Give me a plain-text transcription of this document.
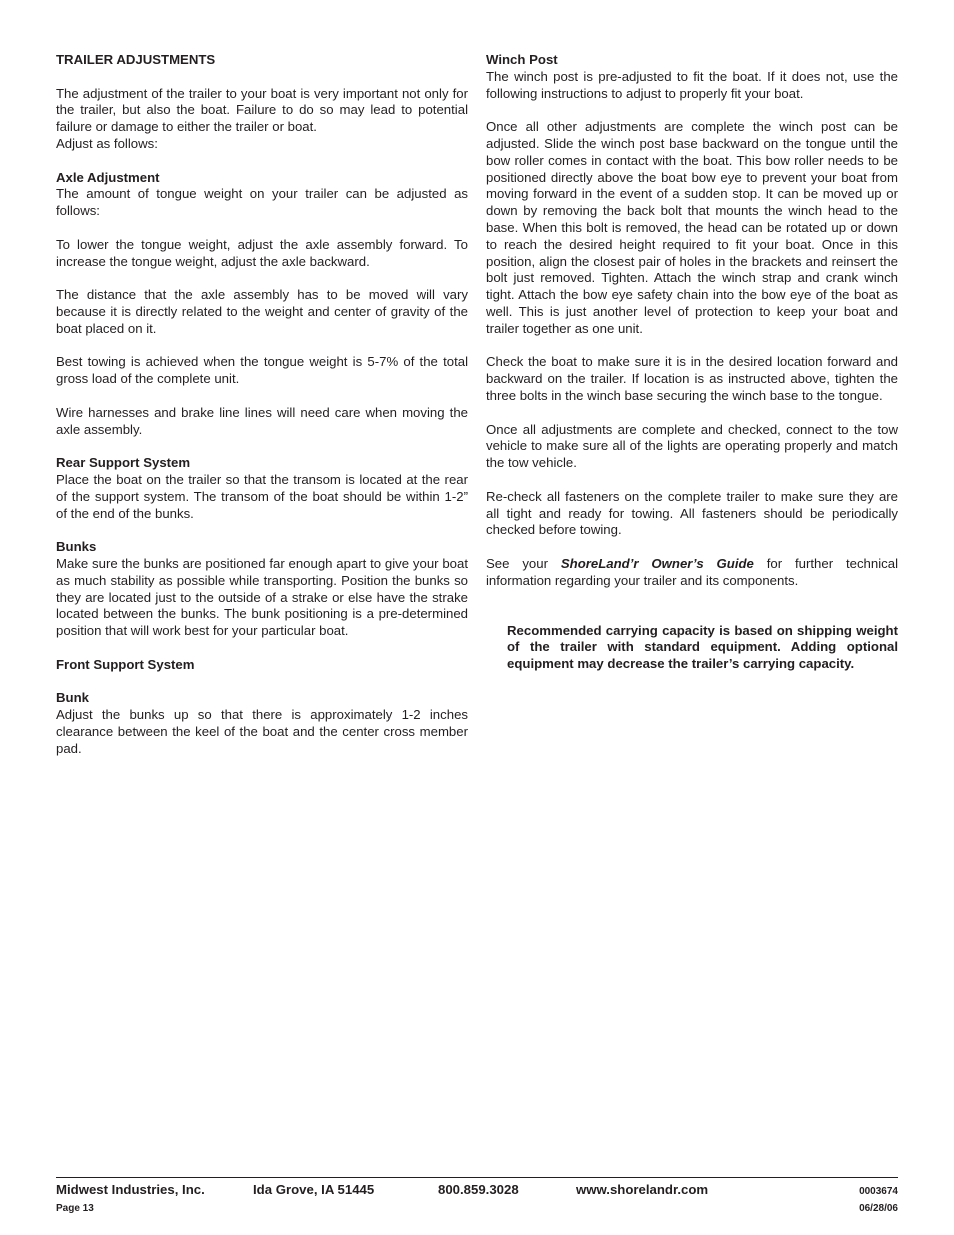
TRAILER ADJUSTMENTS

The adjustment of the trailer to your boat is very important not only for the trailer, but also the boat. Failure to do so may lead to potential failure or damage to either the trailer or boat.

Adjust as follows:

Axle Adjustment

The amount of tongue weight on your trailer can be adjusted as follows:

To lower the tongue weight, adjust the axle assembly forward. To increase the tongue weight, adjust the axle backward.

The distance that the axle assembly has to be moved will vary because it is directly related to the weight and center of gravity of the boat placed on it.

Best towing is achieved when the tongue weight is 5-7% of the total gross load of the complete unit.

Wire harnesses and brake line lines will need care when moving the axle assembly.

Rear Support System

Place the boat on the trailer so that the transom is located at the rear of the support system. The transom of the boat should be within 1-2” of the end of the bunks.

Bunks

Make sure the bunks are positioned far enough apart to give your boat as much stability as possible while transporting. Position the bunks so they are located just to the outside of a strake or else have the strake located between the bunks. The bunk positioning is a pre-determined position that will work best for your particular boat.

Front Support System
Bunk

Adjust the bunks up so that there is approximately 1-2 inches clearance between the keel of the boat and the center cross member pad.

Winch Post

The winch post is pre-adjusted to fit the boat. If it does not, use the following instructions to adjust to properly fit your boat.

Once all other adjustments are complete the winch post can be adjusted. Slide the winch post base backward on the tongue until the bow roller comes in contact with the boat. This bow roller needs to be positioned directly above the boat bow eye to prevent your boat from moving forward in the event of a sudden stop. It can be moved up or down by removing the back bolt that mounts the winch head to the base. When this bolt is removed, the head can be rotated up or down to reach the desired height required to fit your boat. Once in this position, align the closest pair of holes in the brackets and reinsert the bolt just removed. Tighten. Attach the winch strap and crank winch tight. Attach the bow eye safety chain into the bow eye of the boat as well. This is just another level of protection to keep your boat and trailer together as one unit.

Check the boat to make sure it is in the desired location forward and backward on the trailer. If location is as instructed above, tighten the three bolts in the winch base securing the winch base to the tongue.

Once all adjustments are complete and checked, connect to the tow vehicle to make sure all of the lights are operating properly and match the tow vehicle.

Re-check all fasteners on the complete trailer to make sure they are all tight and ready for towing. All fasteners should be periodically checked before towing.

See your ShoreLand’r Owner’s Guide for further technical information regarding your trailer and its components.

Recommended carrying capacity is based on shipping weight of the trailer with standard equipment. Adding optional equipment may decrease the trailer’s carrying capacity.
Midwest Industries, Inc.	Ida Grove, IA 51445	800.859.3028	www.shorelandr.com	0003674
Page 13	06/28/06
